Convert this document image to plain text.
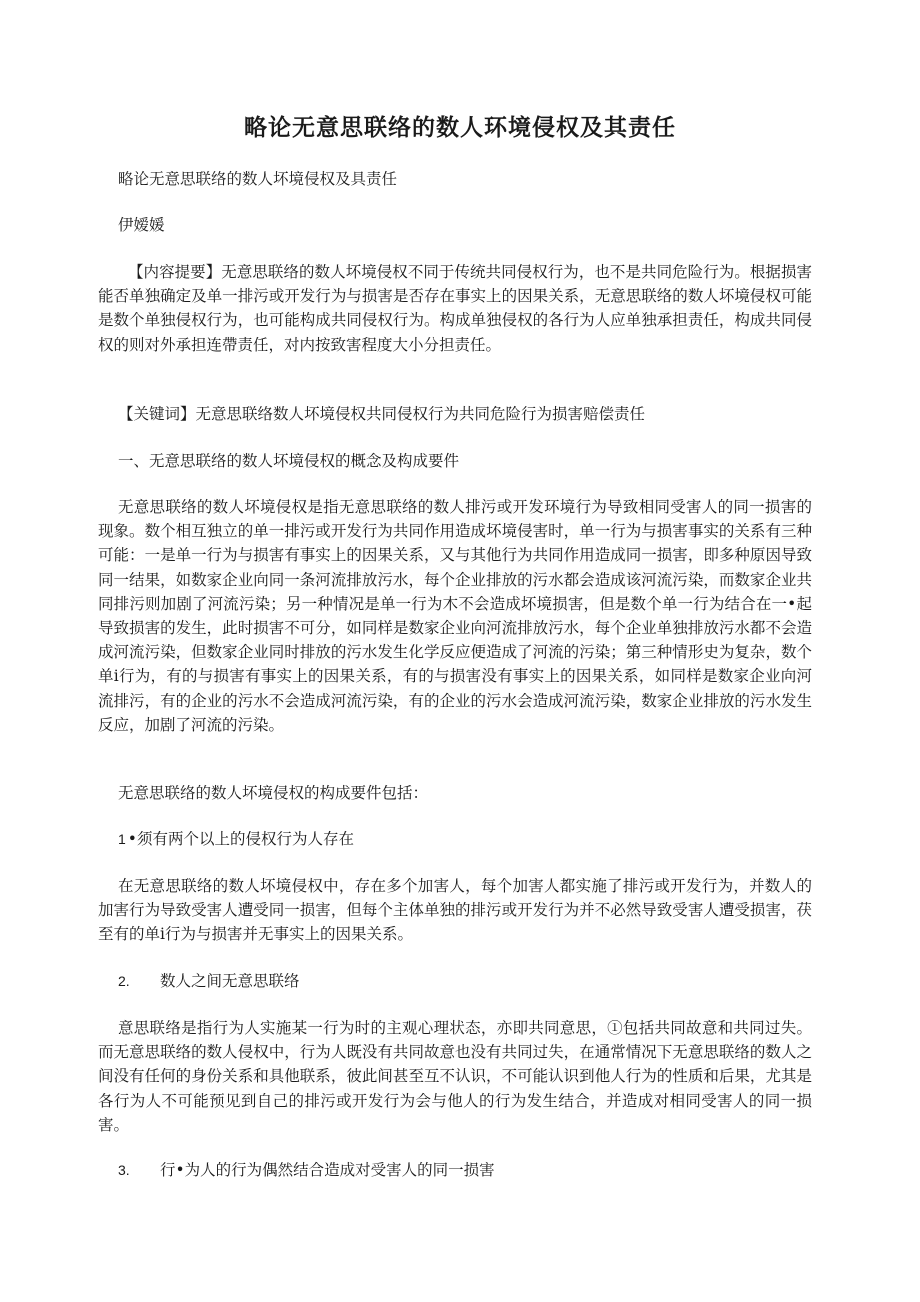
略论无意思联络的数人环境侵权及其责任
略论无意思联络的数人坏境侵权及具责任
伊嫒媛
【内容提要】无意思联络的数人坏境侵权不同于传统共同侵权行为，也不是共同危险行为。根据损害能否单独确定及单一排污或开发行为与损害是否存在事实上的因果关系，无意思联络的数人坏境侵权可能是数个单独侵权行为，也可能构成共同侵权行为。构成单独侵权的各行为人应单独承担责任，构成共同侵权的则对外承担连帶责任，对内按致害程度大小分担责任。
【关键词】无意思联络数人坏境侵权共同侵权行为共同危险行为损害赔偿责任
一、无意思联络的数人坏境侵权的概念及构成要件
无意思联络的数人坏境侵权是指无意思联络的数人排污或开发环境行为导致相同受害人的同一损害的现象。数个相互独立的单一排污或开发行为共同作用造成坏境侵害时，单一行为与损害事实的关系有三种可能：一是单一行为与损害有事实上的因果关系，又与其他行为共同作用造成同一损害，即多种原因导致同一结果，如数家企业向同一条河流排放污水，每个企业排放的污水都会造成该河流污染，而数家企业共同排污则加剧了河流污染；另一种情况是单一行为木不会造成坏境损害，但是数个单一行为结合在一•起导致损害的发生，此时损害不可分，如同样是数家企业向河流排放污水，每个企业单独排放污水都不会造成河流污染，但数家企业同时排放的污水发生化学反应便造成了河流的污染；第三种情形史为复杂，数个单i行为，有的与损害有事实上的因果关系，有的与损害没有事实上的因果关系，如同样是数家企业向河流排污，有的企业的污水不会造成河流污染，有的企业的污水会造成河流污染，数家企业排放的污水发生反应，加剧了河流的污染。
无意思联络的数人坏境侵权的构成要件包括：
1 •须有两个以上的侵权行为人存在
在无意思联络的数人坏境侵权中，存在多个加害人，每个加害人都实施了排污或开发行为，并数人的加害行为导致受害人遭受同一损害，但每个主体单独的排污或开发行为并不必然导致受害人遭受损害，茯至有的单i行为与损害并无事实上的因果关系。
2. 数人之间无意思联络
意思联络是指行为人实施某一行为时的主观心理状态，亦即共同意思，①包括共同故意和共同过失。而无意思联络的数人侵权中，行为人既没有共同故意也没有共同过失，在通常情况下无意思联络的数人之间没有任何的身份关系和具他联系，彼此间甚至互不认识，不可能认识到他人行为的性质和后果，尤其是各行为人不可能预见到自己的排污或开发行为会与他人的行为发生结合，并造成对相同受害人的同一损害。
3. 行•为人的行为偶然结合造成对受害人的同一损害
